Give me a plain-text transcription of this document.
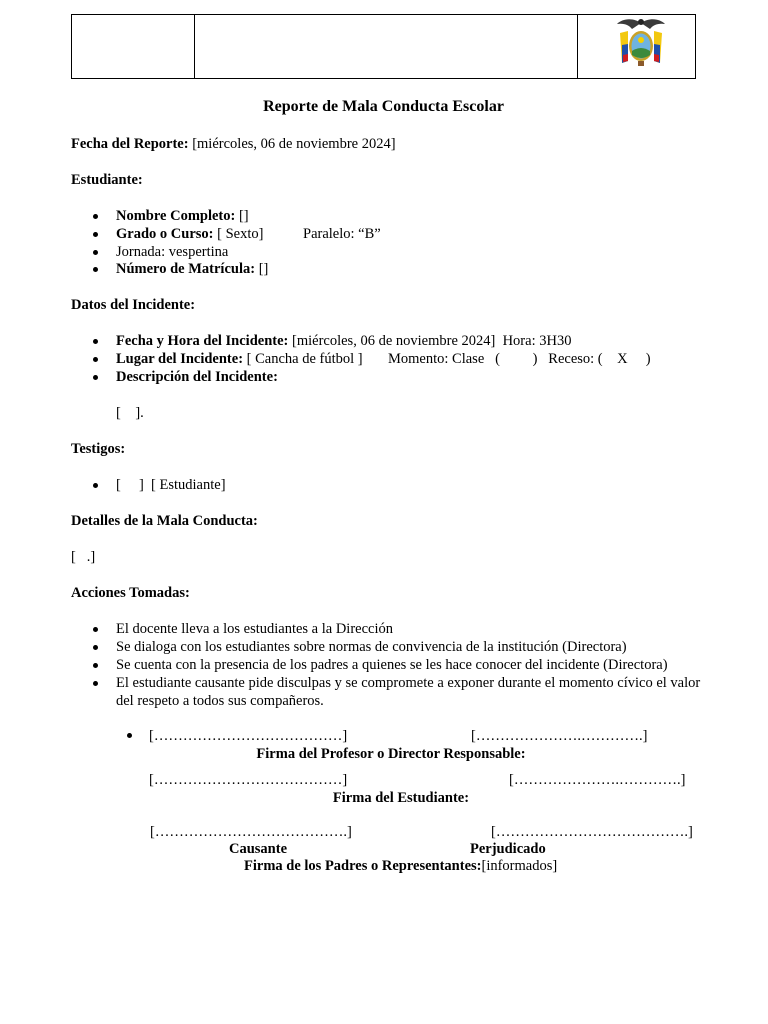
Reporte de Mala Conducta Escolar
Fecha del Reporte: [miércoles, 06 de noviembre 2024]
Estudiante:
Nombre Completo: []
Grado o Curso: [ Sexto]	Paralelo: “B”
Jornada: vespertina
Número de Matrícula: []
Datos del Incidente:
Fecha y Hora del Incidente: [miércoles, 06 de noviembre 2024]  Hora: 3H30
Lugar del Incidente: [ Cancha de fútbol ] Momento: Clase   (         )   Receso: (    X     )
Descripción del Incidente:
[    ].
Testigos:
[     ]  [ Estudiante]
Detalles de la Mala Conducta:
[   .]
Acciones Tomadas:
El docente lleva a los estudiantes a la Dirección
Se dialoga con los estudiantes sobre normas de convivencia de la institución (Directora)
Se cuenta con la presencia de los padres a quienes se les hace conocer del incidente (Directora)
El estudiante causante pide disculpas y se compromete a exponer durante el momento cívico el valor
del respeto a todos sus compañeros.
[…………………………………]	[………………….………….]
Firma del Profesor o Director Responsable:
[…………………………………]	[………………….………….]
Firma del Estudiante:
[………………………………….]	[………………………………….]
Causante	Perjudicado
Firma de los Padres o Representantes:[informados]
